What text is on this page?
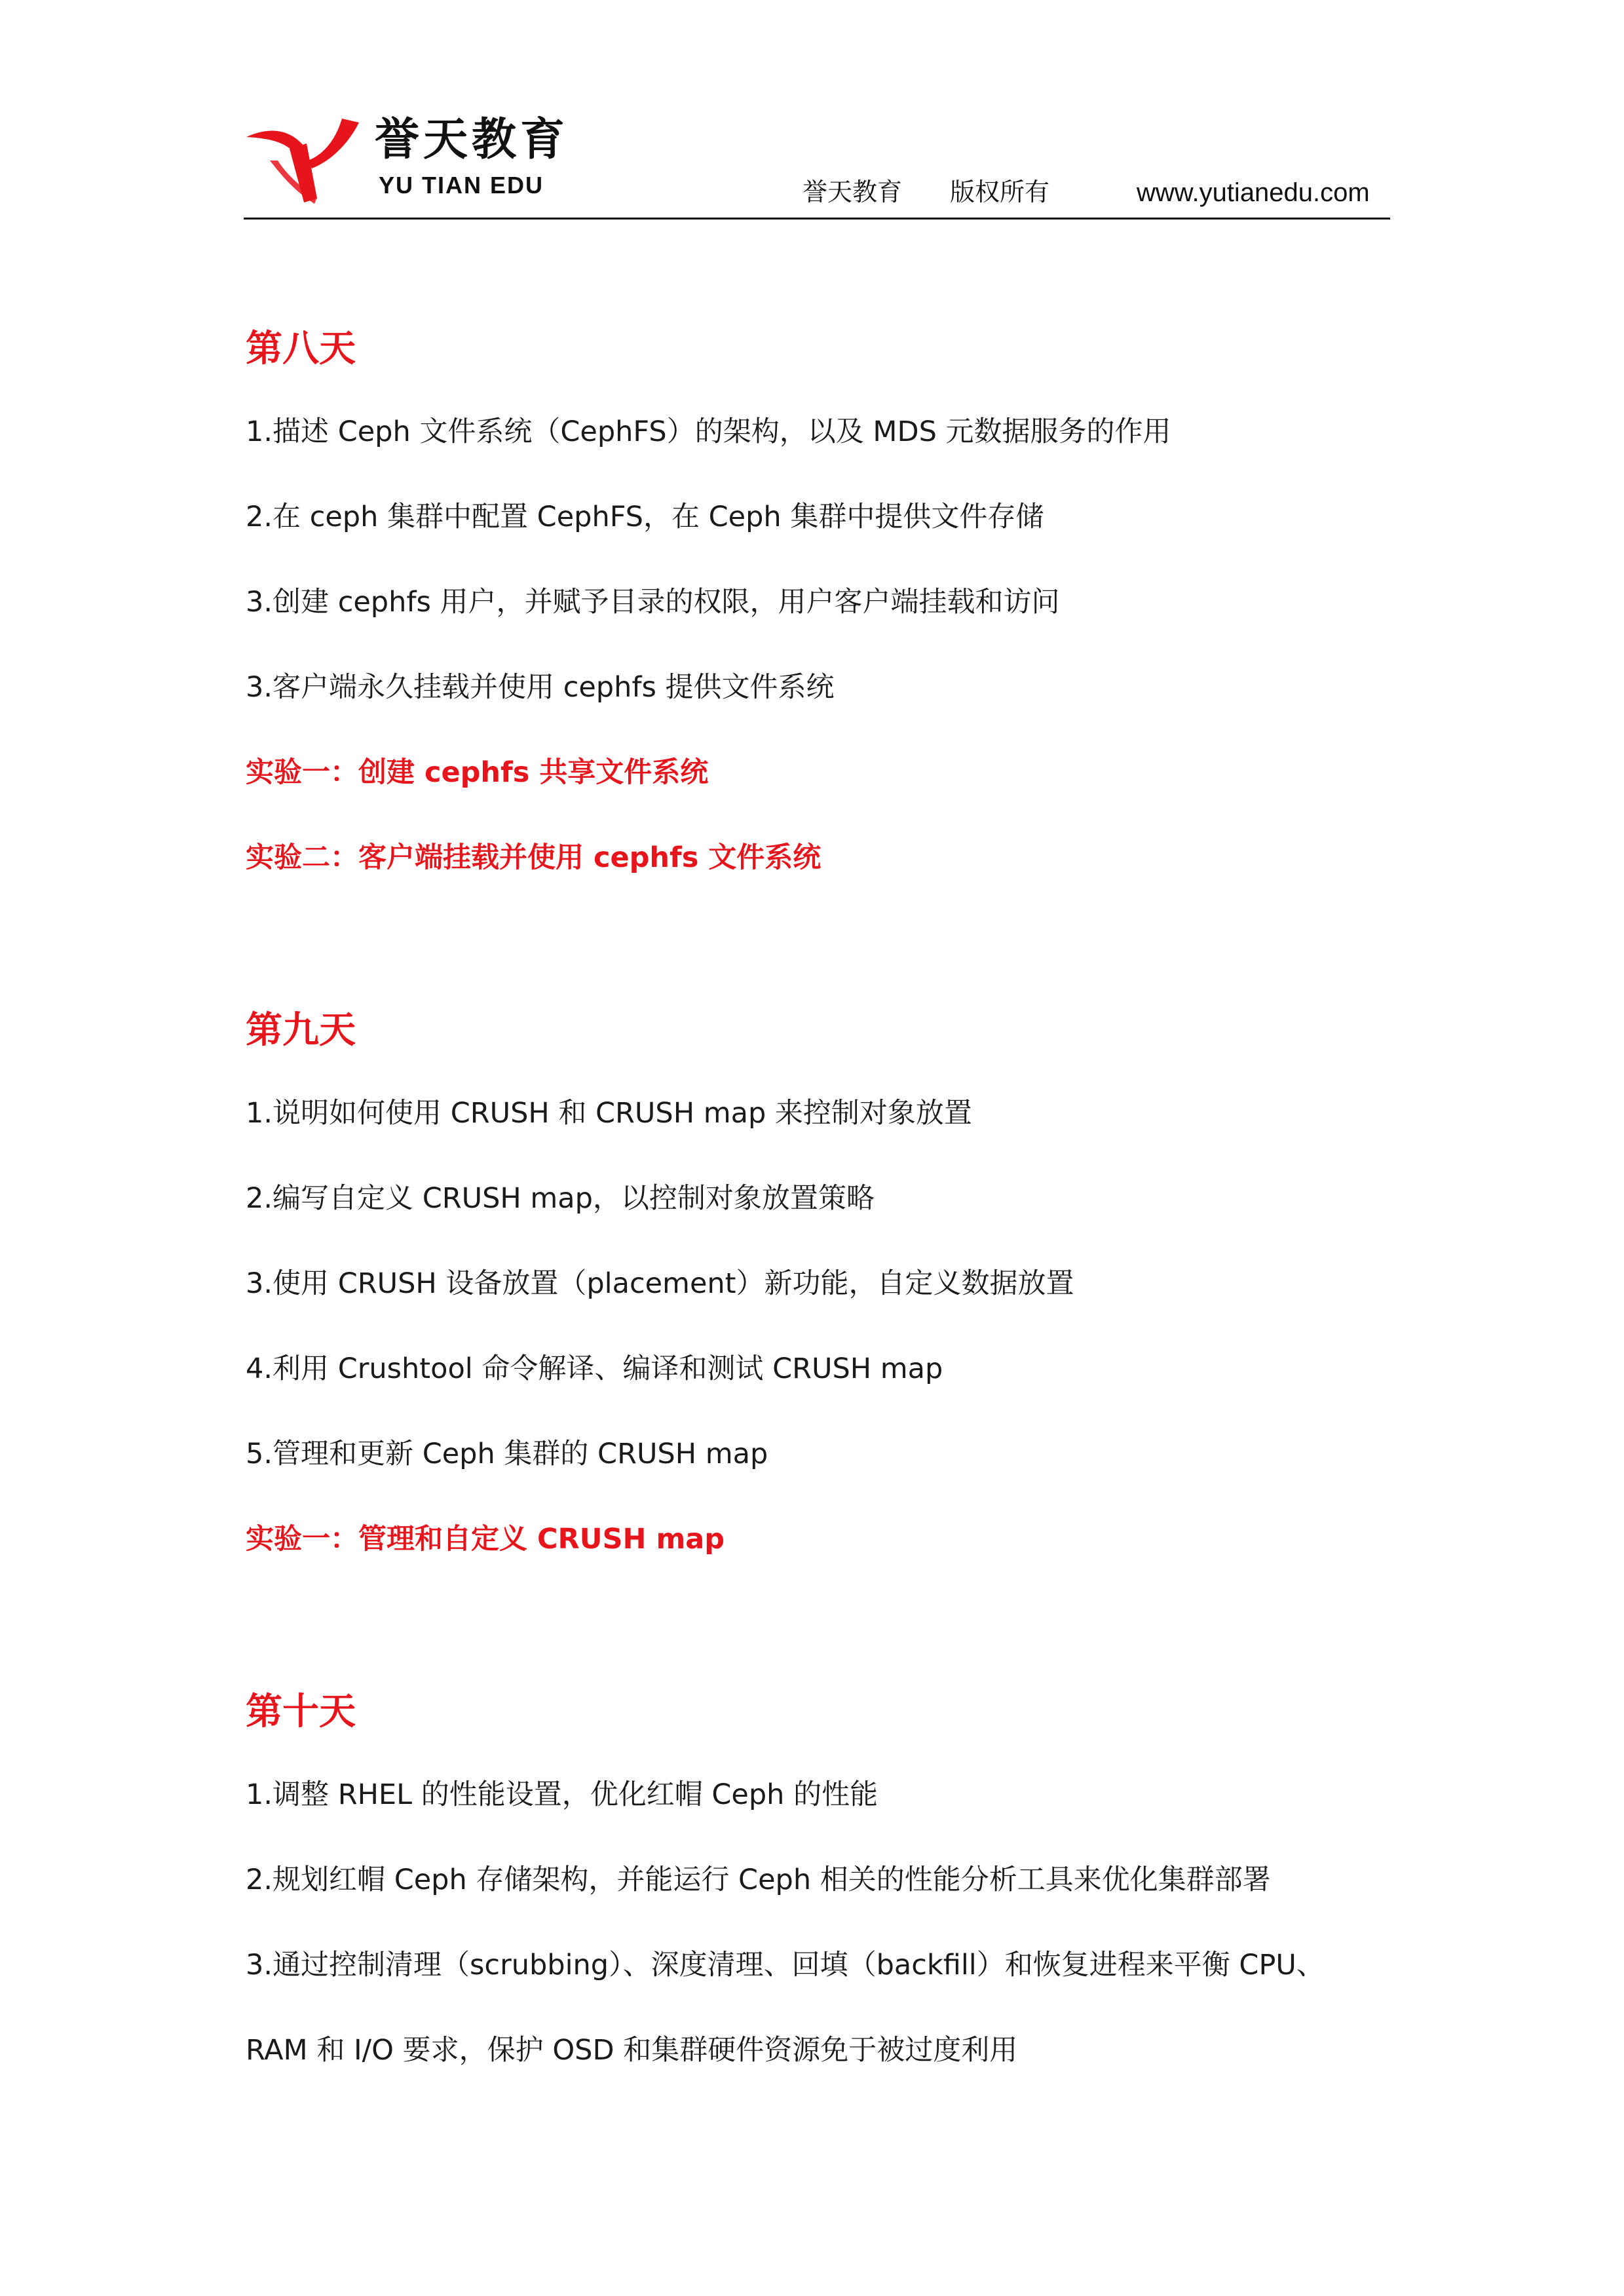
誉天教育
YU TIAN EDU	誉天教育 版权所有	www.yutianedu.com
第八天
1.描述 Ceph 文件系统（CephFS）的架构，以及 MDS 元数据服务的作用
2.在 ceph 集群中配置 CephFS，在 Ceph 集群中提供文件存储
3.创建 cephfs 用户，并赋予目录的权限，用户客户端挂载和访问
3.客户端永久挂载并使用 cephfs 提供文件系统
实验一：创建 cephfs 共享文件系统
实验二：客户端挂载并使用 cephfs 文件系统
第九天
1.说明如何使用 CRUSH 和 CRUSH map 来控制对象放置
2.编写自定义 CRUSH map，以控制对象放置策略
3.使用 CRUSH 设备放置（placement）新功能，自定义数据放置
4.利用 Crushtool 命令解译、编译和测试 CRUSH map
5.管理和更新 Ceph 集群的 CRUSH map
实验一：管理和自定义 CRUSH map
第十天
1.调整 RHEL 的性能设置，优化红帽 Ceph 的性能
2.规划红帽 Ceph 存储架构，并能运行 Ceph 相关的性能分析工具来优化集群部署
3.通过控制清理（scrubbing）、深度清理、回填（backfill）和恢复进程来平衡 CPU、
RAM 和 I/O 要求，保护 OSD 和集群硬件资源免于被过度利用
